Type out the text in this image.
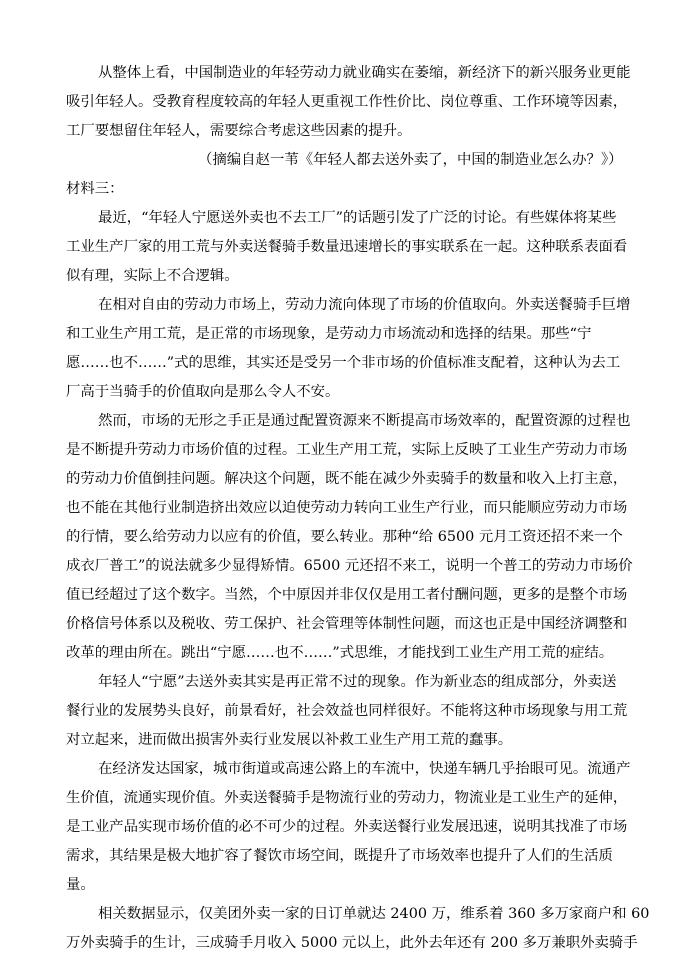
从整体上看，中国制造业的年轻劳动力就业确实在萎缩，新经济下的新兴服务业更能
吸引年轻人。受教育程度较高的年轻人更重视工作性价比、岗位尊重、工作环境等因素，
工厂要想留住年轻人，需要综合考虑这些因素的提升。
（摘编自赵一苇《年轻人都去送外卖了，中国的制造业怎么办？》）
材料三：
最近，“年轻人宁愿送外卖也不去工厂”的话题引发了广泛的讨论。有些媒体将某些
工业生产厂家的用工荒与外卖送餐骑手数量迅速增长的事实联系在一起。这种联系表面看
似有理，实际上不合逻辑。
在相对自由的劳动力市场上，劳动力流向体现了市场的价值取向。外卖送餐骑手巨增
和工业生产用工荒，是正常的市场现象，是劳动力市场流动和选择的结果。那些“宁
愿……也不……”式的思维，其实还是受另一个非市场的价值标准支配着，这种认为去工
厂高于当骑手的价值取向是那么令人不安。
然而，市场的无形之手正是通过配置资源来不断提高市场效率的，配置资源的过程也
是不断提升劳动力市场价值的过程。工业生产用工荒，实际上反映了工业生产劳动力市场
的劳动力价值倒挂问题。解决这个问题，既不能在减少外卖骑手的数量和收入上打主意，
也不能在其他行业制造挤出效应以迫使劳动力转向工业生产行业，而只能顺应劳动力市场
的行情，要么给劳动力以应有的价值，要么转业。那种“给 6500 元月工资还招不来一个
成衣厂普工”的说法就多少显得矫情。6500 元还招不来工，说明一个普工的劳动力市场价
值已经超过了这个数字。当然，个中原因并非仅仅是用工者付酬问题，更多的是整个市场
价格信号体系以及税收、劳工保护、社会管理等体制性问题，而这也正是中国经济调整和
改革的理由所在。跳出“宁愿……也不……”式思维，才能找到工业生产用工荒的症结。
年轻人“宁愿”去送外卖其实是再正常不过的现象。作为新业态的组成部分，外卖送
餐行业的发展势头良好，前景看好，社会效益也同样很好。不能将这种市场现象与用工荒
对立起来，进而做出损害外卖行业发展以补救工业生产用工荒的蠢事。
在经济发达国家，城市街道或高速公路上的车流中，快递车辆几乎抬眼可见。流通产
生价值，流通实现价值。外卖送餐骑手是物流行业的劳动力，物流业是工业生产的延伸，
是工业产品实现市场价值的必不可少的过程。外卖送餐行业发展迅速，说明其找准了市场
需求，其结果是极大地扩容了餐饮市场空间，既提升了市场效率也提升了人们的生活质
量。
相关数据显示，仅美团外卖一家的日订单就达 2400 万，维系着 360 多万家商户和 60
万外卖骑手的生计，三成骑手月收入 5000 元以上，此外去年还有 200 多万兼职外卖骑手
